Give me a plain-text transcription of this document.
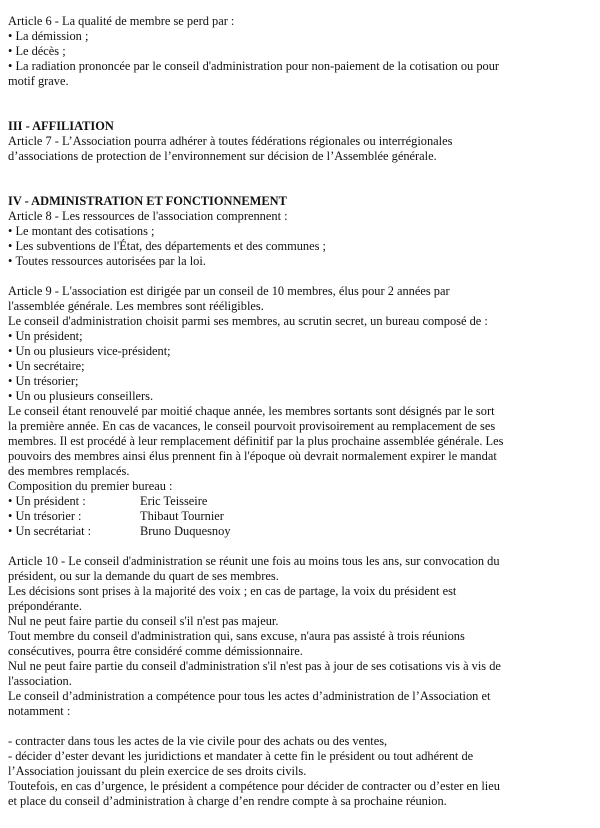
Article 6 - La qualité de membre se perd par :
• La démission ;
• Le décès ;
• La radiation prononcée par le conseil d'administration pour non-paiement de la cotisation ou pour
motif grave.
III - AFFILIATION
Article 7 - L’Association pourra adhérer à toutes fédérations régionales ou interrégionales
d’associations de protection de l’environnement sur décision de l’Assemblée générale.
IV - ADMINISTRATION ET FONCTIONNEMENT
Article 8 - Les ressources de l'association comprennent :
• Le montant des cotisations ;
• Les subventions de l'État, des départements et des communes ;
• Toutes ressources autorisées par la loi.
Article 9 - L'association est dirigée par un conseil de 10 membres, élus pour 2 années par
l'assemblée générale. Les membres sont rééligibles.
Le conseil d'administration choisit parmi ses membres, au scrutin secret, un bureau composé de :
• Un président;
• Un ou plusieurs vice-président;
• Un secrétaire;
• Un trésorier;
• Un ou plusieurs conseillers.
Le conseil étant renouvelé par moitié chaque année, les membres sortants sont désignés par le sort
la première année. En cas de vacances, le conseil pourvoit provisoirement au remplacement de ses
membres. Il est procédé à leur remplacement définitif par la plus prochaine assemblée générale. Les
pouvoirs des membres ainsi élus prennent fin à l'époque où devrait normalement expirer le mandat
des membres remplacés.
Composition du premier bureau :
• Un président :	Eric Teisseire
• Un trésorier :	Thibaut Tournier
• Un secrétariat :	Bruno Duquesnoy
Article 10 - Le conseil d'administration se réunit une fois au moins tous les ans, sur convocation du
président, ou sur la demande du quart de ses membres.
Les décisions sont prises à la majorité des voix ; en cas de partage, la voix du président est
prépondérante.
Nul ne peut faire partie du conseil s'il n'est pas majeur.
Tout membre du conseil d'administration qui, sans excuse, n'aura pas assisté à trois réunions
consécutives, pourra être considéré comme démissionnaire.
Nul ne peut faire partie du conseil d'administration s'il n'est pas à jour de ses cotisations vis à vis de
l'association.
Le conseil d’administration a compétence pour tous les actes d’administration de l’Association et
notamment :
- contracter dans tous les actes de la vie civile pour des achats ou des ventes,
- décider d’ester devant les juridictions et mandater à cette fin le président ou tout adhérent de
l’Association jouissant du plein exercice de ses droits civils.
Toutefois, en cas d’urgence, le président a compétence pour décider de contracter ou d’ester en lieu
et place du conseil d’administration à charge d’en rendre compte à sa prochaine réunion.
